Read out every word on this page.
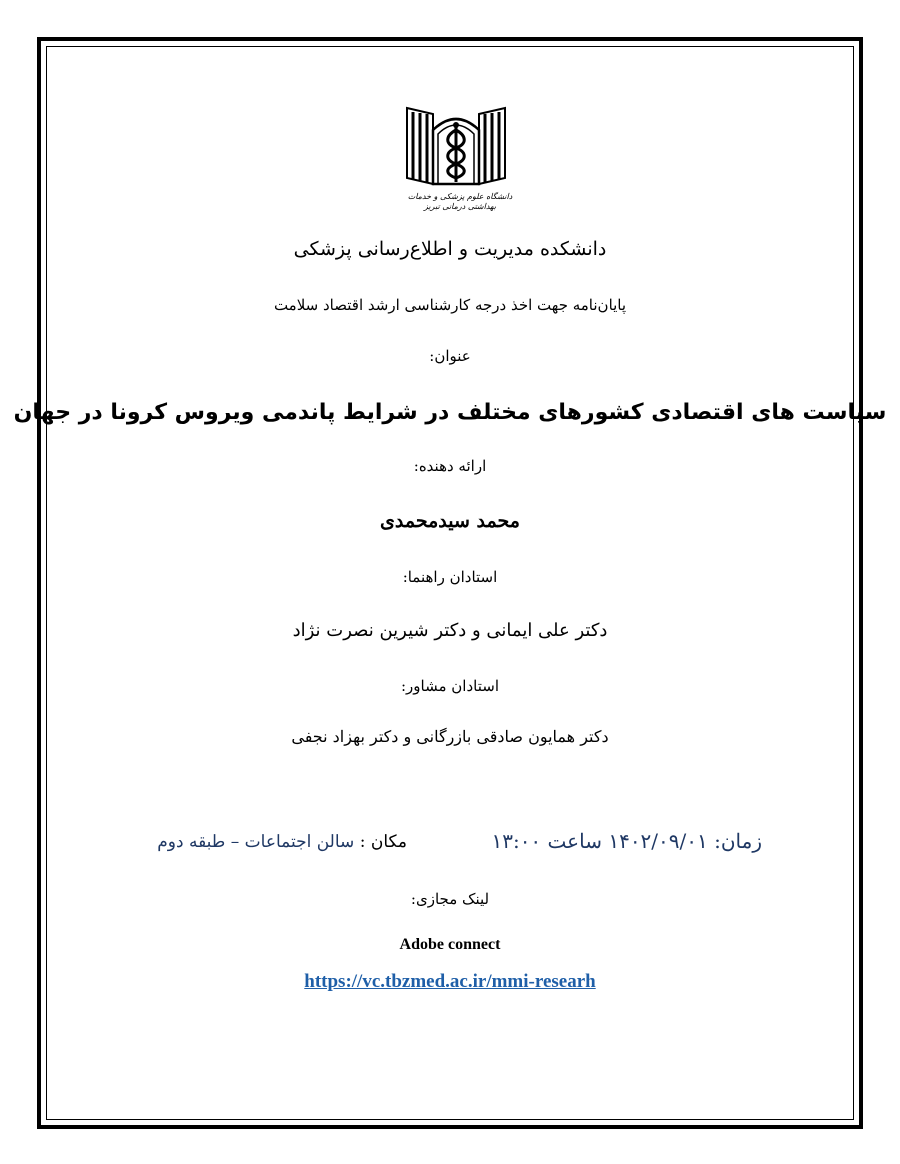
دانشگاه علوم پزشکی و خدمات بهداشتی درمانی تبریز
دانشکده مدیریت و اطلاع‌رسانی پزشکی
پایان‌نامه جهت اخذ درجه کارشناسی ارشد اقتصاد سلامت
عنوان:
سیاست های اقتصادی کشورهای مختلف در شرایط پاندمی ویروس کرونا در جهان
ارائه دهنده:
محمد سیدمحمدی
استادان راهنما:
دکتر علی ایمانی و دکتر شیرین نصرت نژاد
استادان مشاور:
دکتر همایون صادقی بازرگانی و دکتر بهزاد نجفی
زمان: ۱۴۰۲/۰۹/۰۱ ساعت ۱۳:۰۰
مکان : سالن اجتماعات – طبقه دوم
لینک مجازی:
Adobe connect
https://vc.tbzmed.ac.ir/mmi-researh
